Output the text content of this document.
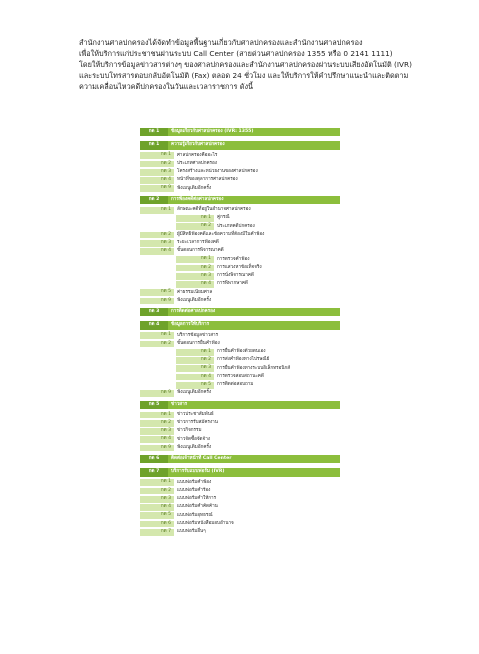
สำนักงานศาลปกครองได้จัดทำข้อมูลพื้นฐานเกี่ยวกับศาลปกครองและสำนักงานศาลปกครอง
เพื่อให้บริการแก่ประชาชนผ่านระบบ Call Center (สายด่วนศาลปกครอง 1355 หรือ 0 2141 1111)
โดยให้บริการข้อมูลข่าวสารต่างๆ ของศาลปกครองและสำนักงานศาลปกครองผ่านระบบเสียงอัตโนมัติ (IVR)
และระบบโทรสารตอบกลับอัตโนมัติ (Fax) ตลอด 24 ชั่วโมง และให้บริการให้คำปรึกษาแนะนำและติดตาม
ความเคลื่อนไหวคดีปกครองในวันและเวลาราชการ ดังนี้
กด 1	ข้อมูลเกี่ยวกับศาลปกครอง (IVR: 1355)
กด 1	ความรู้เกี่ยวกับศาลปกครอง
กด 1	ศาลปกครองคืออะไร
กด 2	ประเภทศาลปกครอง
กด 3	โครงสร้างและหน่วยงานของศาลปกครอง
กด 4	หน้าที่ของตุลาการศาลปกครอง
กด 9	ฟังเมนูเดิมอีกครั้ง
กด 2	การฟ้องคดีต่อศาลปกครอง
กด 1	ลักษณะคดีที่อยู่ในอำนาจศาลปกครอง
กด 1	คู่กรณี
กด 2	ประเภทคดีปกครอง
กด 2	ผู้มีสิทธิฟ้องคดีและข้อความที่ต้องมีในคำฟ้อง
กด 3	ระยะเวลาการฟ้องคดี
กด 4	ขั้นตอนการพิจารณาคดี
กด 1	การตรวจคำฟ้อง
กด 2	การแสวงหาข้อเท็จจริง
กด 3	การนั่งพิจารณาคดี
กด 4	การพิพากษาคดี
กด 5	ค่าธรรมเนียมศาล
กด 9	ฟังเมนูเดิมอีกครั้ง
กด 3	การติดต่อศาลปกครอง
กด 4	ข้อมูลการให้บริการ
กด 1	บริการข้อมูลข่าวสาร
กด 2	ขั้นตอนการยื่นคำฟ้อง
กด 1	การยื่นคำฟ้องด้วยตนเอง
กด 2	การส่งคำฟ้องทางไปรษณีย์
กด 3	การยื่นคำฟ้องทางระบบอิเล็กทรอนิกส์
กด 4	การตรวจสอบสถานะคดี
กด 5	การติดต่อสอบถาม
กด 9	ฟังเมนูเดิมอีกครั้ง
กด 5	ข่าวสาร
กด 1	ข่าวประชาสัมพันธ์
กด 2	ข่าวการรับสมัครงาน
กด 3	ข่าวกิจกรรม
กด 4	ข่าวจัดซื้อจัดจ้าง
กด 9	ฟังเมนูเดิมอีกครั้ง
กด 6	ติดต่อเจ้าหน้าที่ Call Center
กด 7	บริการรับแบบฟอร์ม (IVR)
กด 1	แบบฟอร์มคำฟ้อง
กด 2	แบบฟอร์มคำร้อง
กด 3	แบบฟอร์มคำให้การ
กด 4	แบบฟอร์มคำคัดค้าน
กด 5	แบบฟอร์มอุทธรณ์
กด 6	แบบฟอร์มหนังสือมอบอำนาจ
กด 7	แบบฟอร์มอื่นๆ
